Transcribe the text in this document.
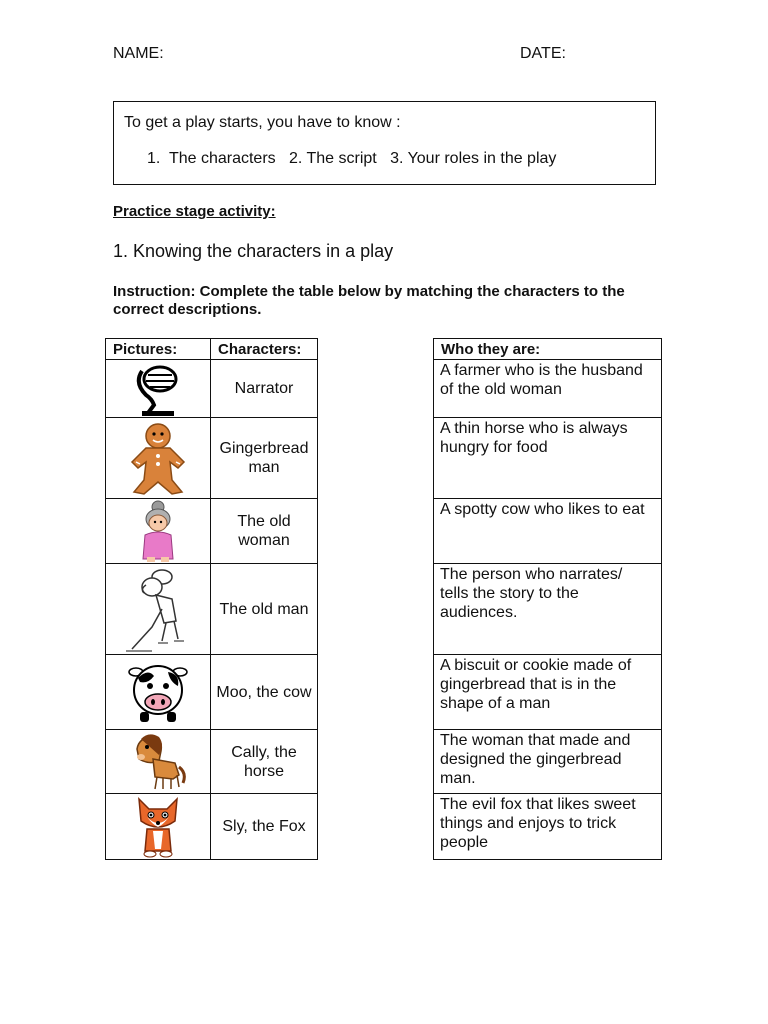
NAME:	DATE:
To get a play starts, you have to know :
1.  The characters   2. The script   3. Your roles in the play
Practice stage activity:
1. Knowing the characters in a play
Instruction: Complete the table below by matching the characters to the correct descriptions.
Pictures:	Characters:
Narrator
Gingerbread man
The old woman
The old man
Moo, the cow
Cally, the horse
Sly, the Fox
Who they are:
A farmer who is the husband of the old woman
A thin horse who is always hungry for food
A spotty cow who likes to eat
The person who narrates/ tells the story to the audiences.
A biscuit or cookie made of gingerbread that is in the shape of a man
The woman that made and designed the gingerbread man.
The evil fox that likes sweet things and enjoys to trick people
